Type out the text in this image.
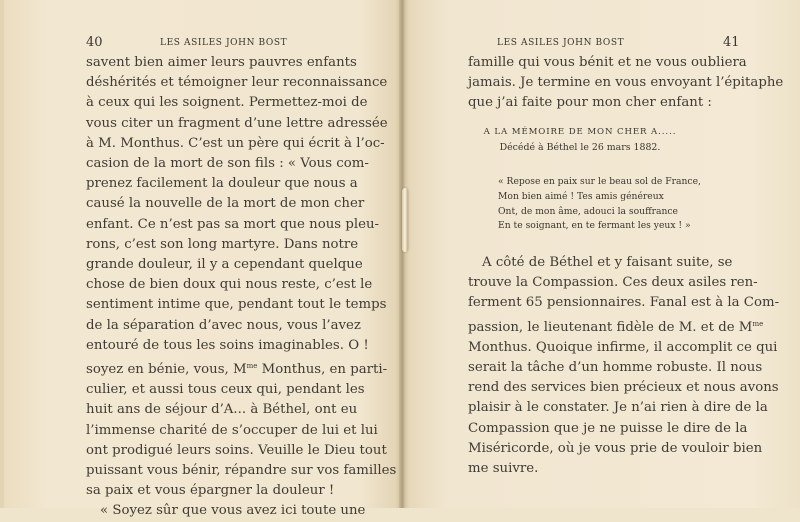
40	LES ASILES JOHN BOST
savent bien aimer leurs pauvres enfants
déshérités et témoigner leur reconnaissance
à ceux qui les soignent. Permettez-moi de
vous citer un fragment d’une lettre adressée
à M. Monthus. C’est un père qui écrit à l’oc-
casion de la mort de son fils : « Vous com-
prenez facilement la douleur que nous a
causé la nouvelle de la mort de mon cher
enfant. Ce n’est pas sa mort que nous pleu-
rons, c’est son long martyre. Dans notre
grande douleur, il y a cependant quelque
chose de bien doux qui nous reste, c’est le
sentiment intime que, pendant tout le temps
de la séparation d’avec nous, vous l’avez
entouré de tous les soins imaginables. O !
soyez en bénie, vous, $M^{me}$ Monthus, en parti-
culier, et aussi tous ceux qui, pendant les
huit ans de séjour d’A... à Béthel, ont eu
l’immense charité de s’occuper de lui et lui
ont prodigué leurs soins. Veuille le Dieu tout
puissant vous bénir, répandre sur vos familles
sa paix et vous épargner la douleur !
« Soyez sûr que vous avez ici toute une
LES ASILES JOHN BOST	41
famille qui vous bénit et ne vous oubliera
jamais. Je termine en vous envoyant l’épitaphe
que j’ai faite pour mon cher enfant :
A LA MÉMOIRE DE MON CHER A.....
Décédé à Béthel le 26 mars 1882.
« Repose en paix sur le beau sol de France,
Mon bien aimé ! Tes amis généreux
Ont, de mon âme, adouci la souffrance
En te soignant, en te fermant les yeux ! »
A côté de Béthel et y faisant suite, se
trouve la Compassion. Ces deux asiles ren-
ferment 65 pensionnaires. Fanal est à la Com-
passion, le lieutenant fidèle de M. et de $M^{me}$
Monthus. Quoique infirme, il accomplit ce qui
serait la tâche d’un homme robuste. Il nous
rend des services bien précieux et nous avons
plaisir à le constater. Je n’ai rien à dire de la
Compassion que je ne puisse le dire de la
Miséricorde, où je vous prie de vouloir bien
me suivre.
